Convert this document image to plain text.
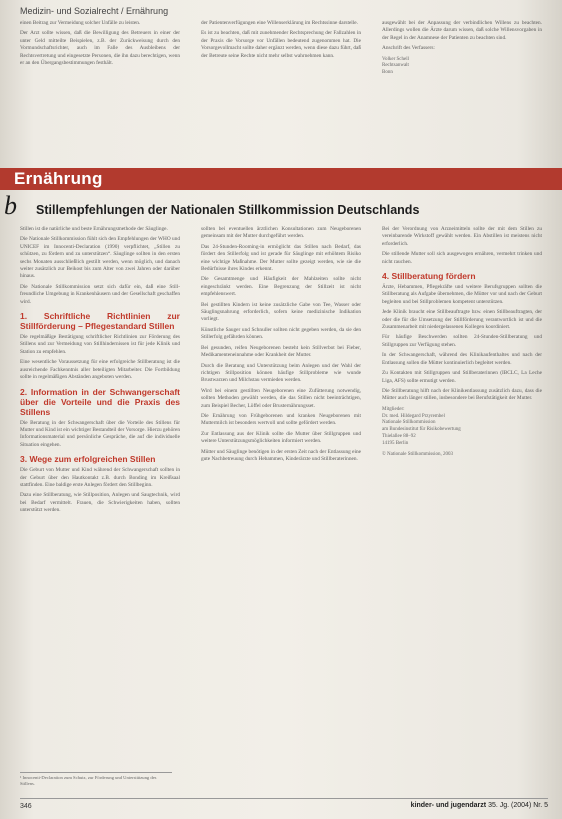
Medizin- und Sozialrecht / Ernährung

einen Beitrag zur Vermeidung solcher Unfälle zu leisten.

Der Arzt sollte wissen, daß die Bewilligung des Betreuers in einer der unter Geld mitteilte Beispielen, z.B. der Zurückweisung durch den Vormundschaftsrichter, auch im Falle des Ausbleibens der Rechtsvertretung und eingesetzte Personen, die ihn dazu berechtigen, wenn er an den Übergangsbestimmungen festhält.

der Patientenverfügungen eine Willenserklärung im Rechtssinne darstelle.

Es ist zu beachten, daß mit zunehmender Rechtsprechung der Fallzahlen in der Praxis die Vorsorge vor Unfällen bedeutend zugenommen hat. Die Vorsorgevollmacht sollte daher ergänzt werden, wenn diese dazu führt, daß der Betreute seine Rechte nicht mehr selbst wahrnehmen kann.

ausgewählt bei der Anpassung der verbindlichen Willens zu beachten. Allerdings wollen die Ärzte darum wissen, daß solche Willensvorgaben in der Regel in der Anamnese der Patienten zu beachten sind.

Anschrift des Verfassers:

Volker Schell
Rechtsanwalt
Bonn
Ernährung
b Stillempfehlungen der Nationalen Stillkommission Deutschlands

Stillen ist die natürliche und beste Ernährungsmethode der Säuglinge.

Die Nationale Stillkommission fühlt sich den Empfehlungen der WHO und UNICEF im Innocenti-Declaration (1990) verpflichtet, „Stillen zu schützen, zu fördern und zu unterstützen“. Säuglinge sollten in den ersten sechs Monaten ausschließlich gestillt werden, wenn möglich, und danach weiter zusätzlich zur Beikost bis zum Alter von zwei Jahren oder darüber hinaus.

Die Nationale Stillkommission setzt sich dafür ein, daß eine Still-freundliche Umgebung in Krankenhäusern und der Gesellschaft geschaffen wird.

1. Schriftliche Richtlinien zur Stillförderung – Pflegestandard Stillen

Die regelmäßige Bestätigung schriftlicher Richtlinien zur Förderung des Stillens und zur Vermeidung von Stillhindernissen ist für jede Klinik und Station zu empfehlen.

Eine wesentliche Voraussetzung für eine erfolgreiche Stillberatung ist die ausreichende Fachkenntnis aller beteiligten Mitarbeiter. Die Fortbildung sollte in regelmäßigen Abständen angeboten werden.

2. Information in der Schwangerschaft über die Vorteile und die Praxis des Stillens

Die Beratung in der Schwangerschaft über die Vorteile des Stillens für Mutter und Kind ist ein wichtiger Bestandteil der Vorsorge. Hierzu gehören Informationsmaterial und persönliche Gespräche, die auf die individuelle Situation eingehen.

3. Wege zum erfolgreichen Stillen

Die Geburt von Mutter und Kind während der Schwangerschaft sollten in der Geburt über den Hautkontakt z.B. durch Bonding im Kreißsaal stattfinden. Eine baldige erste Anlegen fördert den Stillbeginn.

Dazu eine Stillberatung, wie Stillposition, Anlegen und Saugtechnik, wird bei Bedarf vermittelt. Frauen, die Schwierigkeiten haben, sollten unterstützt werden.

sollten bei eventuellen ärztlichen Konsultationen zum Neugeborenen gemeinsam mit der Mutter durchgeführt werden.

Das 24-Stunden-Rooming-in ermöglicht das Stillen nach Bedarf, das fördert den Stillerfolg und ist gerade für Säuglinge mit erhöhtem Risiko eine wichtige Maßnahme. Der Mutter sollte gezeigt werden, wie sie die Bedürfnisse ihres Kindes erkennt.

Die Gesamtmenge und Häufigkeit der Mahlzeiten sollte nicht eingeschränkt werden. Eine Begrenzung der Stillzeit ist nicht empfehlenswert.

Bei gestillten Kindern ist keine zusätzliche Gabe von Tee, Wasser oder Säuglingsnahrung erforderlich, sofern keine medizinische Indikation vorliegt.

Künstliche Sauger und Schnuller sollten nicht gegeben werden, da sie den Stillerfolg gefährden können.

Bei gesunden, reifen Neugeborenen besteht kein Stillverbot bei Fieber, Medikamenteneinnahme oder Krankheit der Mutter.

Durch die Beratung und Unterstützung beim Anlegen und der Wahl der richtigen Stillposition können häufige Stillprobleme wie wunde Brustwarzen und Milchstau vermieden werden.

Wird bei einem gestillten Neugeborenen eine Zufütterung notwendig, sollten Methoden gewählt werden, die das Stillen nicht beeinträchtigen, zum Beispiel Becher, Löffel oder Brusternährungsset.

Die Ernährung von Frühgeborenen und kranken Neugeborenen mit Muttermilch ist besonders wertvoll und sollte gefördert werden.

Zur Entlassung aus der Klinik sollte die Mutter über Stillgruppen und weitere Unterstützungsmöglichkeiten informiert werden.

Mütter und Säuglinge benötigen in der ersten Zeit nach der Entlassung eine gute Nachbetreuung durch Hebammen, Kinderärzte und Stillberaterinnen.

Bei der Verordnung von Arzneimitteln sollte der mit dem Stillen zu vereinbarende Wirkstoff gewählt werden. Ein Abstillen ist meistens nicht erforderlich.

Die stillende Mutter soll sich ausgewogen ernähren, vermehrt trinken und nicht rauchen.

4. Stillberatung fördern

Ärzte, Hebammen, Pflegekräfte und weitere Berufsgruppen sollten die Stillberatung als Aufgabe übernehmen, die Mütter vor und nach der Geburt begleiten und bei Stillproblemen kompetent unterstützen.

Jede Klinik braucht eine Stillbeauftragte bzw. einen Stillbeauftragten, der oder die für die Umsetzung der Stillförderung verantwortlich ist und die Zusammenarbeit mit niedergelassenen Kollegen koordiniert.

Für häufige Beschwerden sollten 24-Stunden-Stillberatung und Stillgruppen zur Verfügung stehen.

In der Schwangerschaft, während des Klinikaufenthaltes und nach der Entlassung sollen die Mütter kontinuierlich begleitet werden.

Zu Kontakten mit Stillgruppen und Stillberaterinnen (IBCLC, La Leche Liga, AFS) sollte ermutigt werden.

Die Stillberatung hilft nach der Klinikentlassung zusätzlich dazu, dass die Mütter auch länger stillen, insbesondere bei Berufstätigkeit der Mutter.

Mitglieder:
Dr. med. Hildegard Przyrembel
Nationale Stillkommission
am Bundesinstitut für Risikobewertung
Thielallee 88–92
14195 Berlin
© Nationale Stillkommission, 2003
¹ Innocenti-Declaration zum Schutz, zur Förderung und Unterstützung des Stillens.
346	kinder- und jugendarzt 35. Jg. (2004) Nr. 5
